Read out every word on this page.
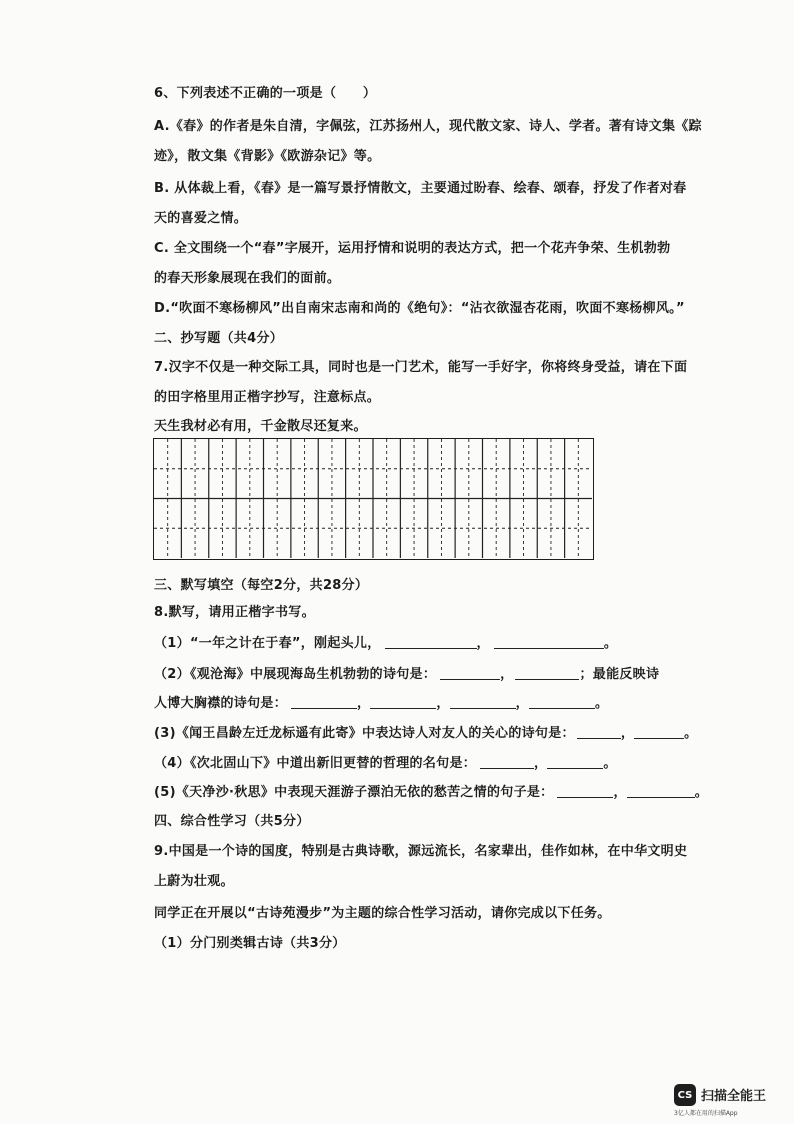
6、下列表述不正确的一项是（　　）
A.《春》的作者是朱自清，字佩弦，江苏扬州人，现代散文家、诗人、学者。著有诗文集《踪
迹》，散文集《背影》《欧游杂记》等。
B. 从体裁上看，《春》是一篇写景抒情散文，主要通过盼春、绘春、颂春，抒发了作者对春
天的喜爱之情。
C. 全文围绕一个“春”字展开，运用抒情和说明的表达方式，把一个花卉争荣、生机勃勃
的春天形象展现在我们的面前。
D.“吹面不寒杨柳风”出自南宋志南和尚的《绝句》：“沾衣欲湿杏花雨，吹面不寒杨柳风。”
二、抄写题（共4分）
7.汉字不仅是一种交际工具，同时也是一门艺术，能写一手好字，你将终身受益，请在下面
的田字格里用正楷字抄写，注意标点。
天生我材必有用，千金散尽还复来。
三、默写填空（每空2分，共28分）
8.默写，请用正楷字书写。
（1）“一年之计在于春”，刚起头儿，	，	。
（2）《观沧海》中展现海岛生机勃勃的诗句是：	，	；最能反映诗
人博大胸襟的诗句是：	，	，	，	。
(3)《闻王昌龄左迁龙标遥有此寄》中表达诗人对友人的关心的诗句是：	，	。
（4）《次北固山下》中道出新旧更替的哲理的名句是：	，	。
(5)《天净沙·秋思》中表现天涯游子漂泊无依的愁苦之情的句子是：	，	。
四、综合性学习（共5分）
9.中国是一个诗的国度，特别是古典诗歌，源远流长，名家辈出，佳作如林，在中华文明史
上蔚为壮观。
同学正在开展以“古诗苑漫步”为主题的综合性学习活动，请你完成以下任务。
（1）分门别类辑古诗（共3分）
CS 扫描全能王
3亿人都在用的扫描App
